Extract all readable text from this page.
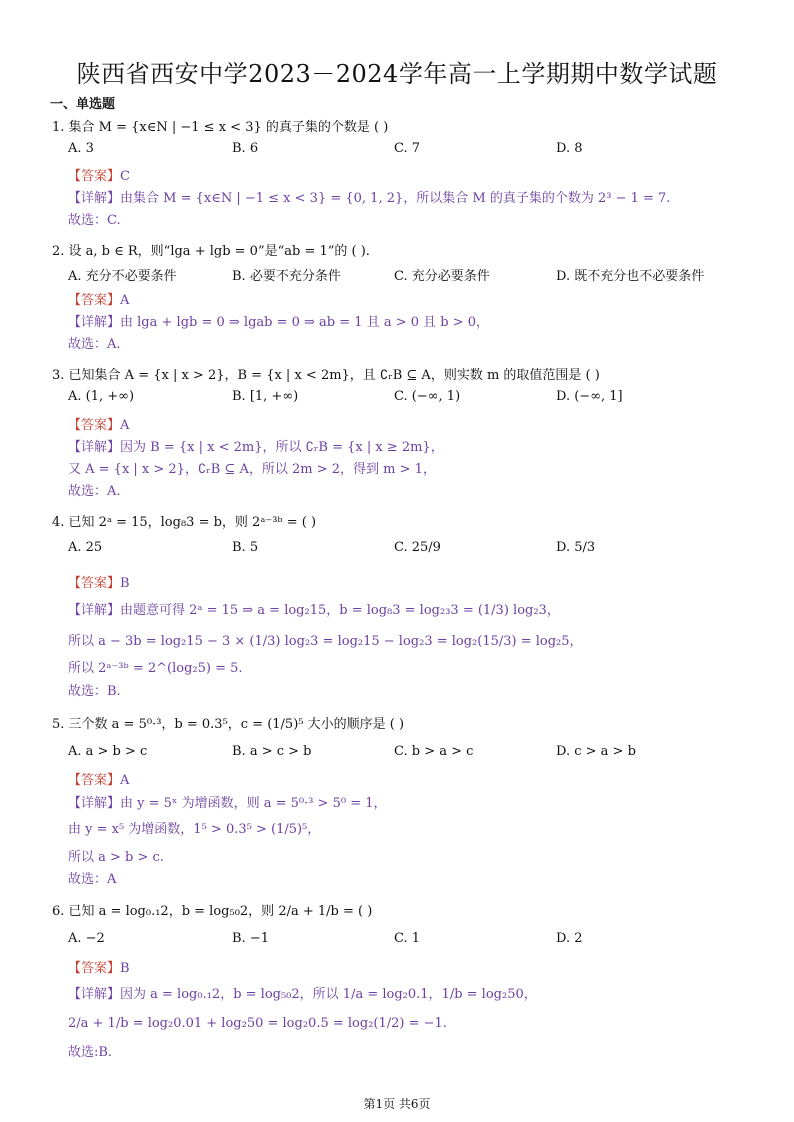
陕西省西安中学2023－2024学年高一上学期期中数学试题
一、单选题
1. 集合 M = {x∈N | −1 ≤ x < 3} 的真子集的个数是 ( )
A. 3	B. 6	C. 7	D. 8
【答案】C
【详解】由集合 M = {x∈N | −1 ≤ x < 3} = {0, 1, 2}，所以集合 M 的真子集的个数为 2³ − 1 = 7.
故选：C.
2. 设 a, b ∈ R，则“lga + lgb = 0”是“ab = 1”的 ( ).
A. 充分不必要条件	B. 必要不充分条件	C. 充分必要条件	D. 既不充分也不必要条件
【答案】A
【详解】由 lga + lgb = 0 ⇒ lgab = 0 ⇒ ab = 1 且 a > 0 且 b > 0，
故选：A.
3. 已知集合 A = {x | x > 2}，B = {x | x < 2m}，且 ∁ᵣB ⊆ A，则实数 m 的取值范围是 ( )
A. (1, +∞)	B. [1, +∞)	C. (−∞, 1)	D. (−∞, 1]
【答案】A
【详解】因为 B = {x | x < 2m}，所以 ∁ᵣB = {x | x ≥ 2m}，
又 A = {x | x > 2}，∁ᵣB ⊆ A，所以 2m > 2，得到 m > 1，
故选：A.
4. 已知 2ᵃ = 15，log₈3 = b，则 2ᵃ⁻³ᵇ = ( )
A. 25	B. 5	C. 25/9	D. 5/3
【答案】B
【详解】由题意可得 2ᵃ = 15 ⇒ a = log₂15，b = log₈3 = log₂₃3 = (1/3) log₂3，
所以 a − 3b = log₂15 − 3 × (1/3) log₂3 = log₂15 − log₂3 = log₂(15/3) = log₂5，
所以 2ᵃ⁻³ᵇ = 2^(log₂5) = 5.
故选：B.
5. 三个数 a = 5⁰·³，b = 0.3⁵，c = (1/5)⁵ 大小的顺序是 ( )
A. a > b > c	B. a > c > b	C. b > a > c	D. c > a > b
【答案】A
【详解】由 y = 5ˣ 为增函数，则 a = 5⁰·³ > 5⁰ = 1，
由 y = x⁵ 为增函数，1⁵ > 0.3⁵ > (1/5)⁵，
所以 a > b > c.
故选：A
6. 已知 a = log₀.₁2，b = log₅₀2，则 2/a + 1/b = ( )
A. −2	B. −1	C. 1	D. 2
【答案】B
【详解】因为 a = log₀.₁2，b = log₅₀2，所以 1/a = log₂0.1，1/b = log₂50，
2/a + 1/b = log₂0.01 + log₂50 = log₂0.5 = log₂(1/2) = −1.
故选:B.
第1页 共6页
